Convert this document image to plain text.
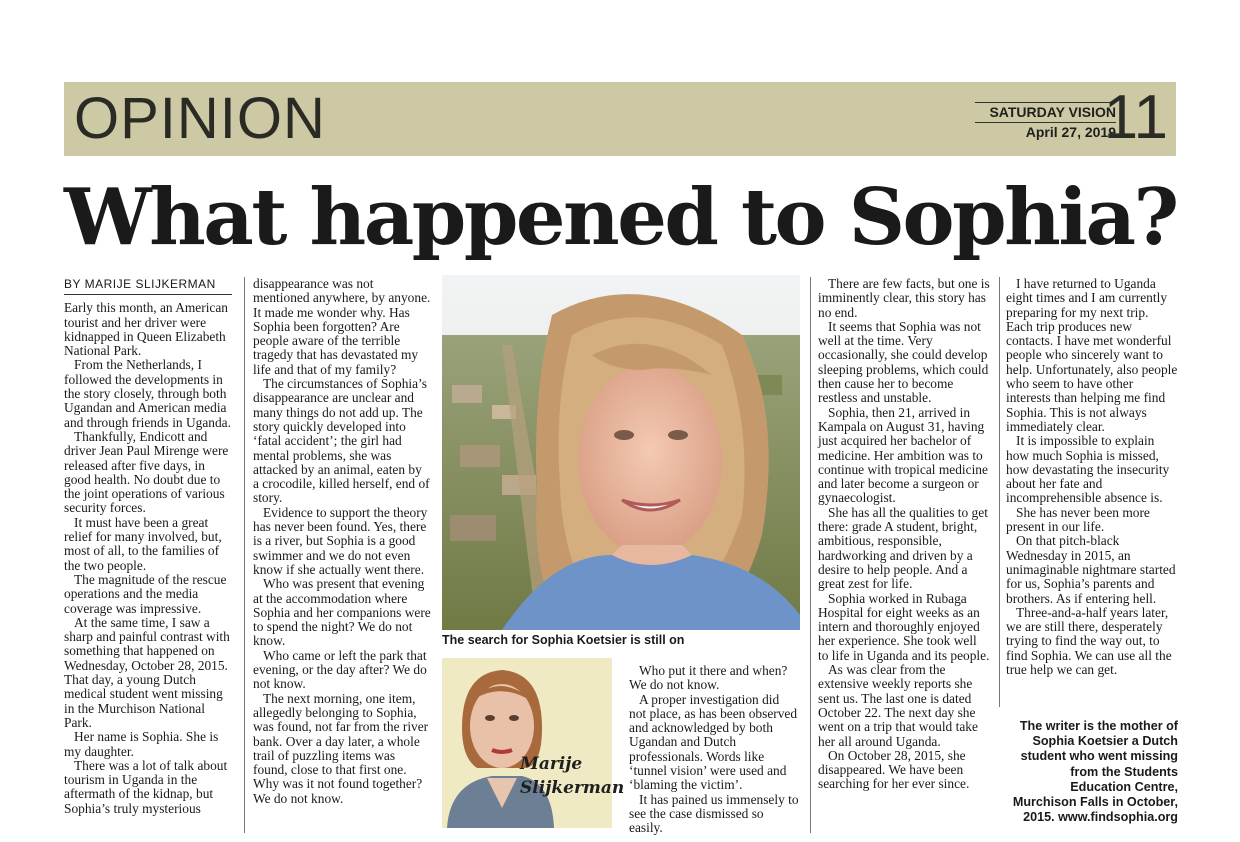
OPINION	SATURDAY VISION
April 27, 2019
11
What happened to Sophia?
BY MARIJE SLIJKERMAN

Early this month, an American tourist and her driver were kidnapped in Queen Elizabeth National Park.

From the Netherlands, I followed the developments in the story closely, through both Ugandan and American media and through friends in Uganda.

Thankfully, Endicott and driver Jean Paul Mirenge were released after five days, in good health. No doubt due to the joint operations of various security forces.

It must have been a great relief for many involved, but, most of all, to the families of the two people.

The magnitude of the rescue operations and the media coverage was impressive.

At the same time, I saw a sharp and painful contrast with something that happened on Wednesday, October 28, 2015. That day, a young Dutch medical student went missing in the Murchison National Park.

Her name is Sophia. She is my daughter.

There was a lot of talk about tourism in Uganda in the aftermath of the kidnap, but Sophia’s truly mysterious

disappearance was not mentioned anywhere, by anyone. It made me wonder why. Has Sophia been forgotten? Are people aware of the terrible tragedy that has devastated my life and that of my family?

The circumstances of Sophia’s disappearance are unclear and many things do not add up. The story quickly developed into ‘fatal accident’; the girl had mental problems, she was attacked by an animal, eaten by a crocodile, killed herself, end of story.

Evidence to support the theory has never been found. Yes, there is a river, but Sophia is a good swimmer and we do not even know if she actually went there.

Who was present that evening at the accommodation where Sophia and her companions were to spend the night? We do not know.

Who came or left the park that evening, or the day after? We do not know.

The next morning, one item, allegedly belonging to Sophia, was found, not far from the river bank. Over a day later, a whole trail of puzzling items was found, close to that first one. Why was it not found together? We do not know.

The search for Sophia Koetsier is still on
Marije Slijkerman

Who put it there and when? We do not know.

A proper investigation did not place, as has been observed and acknowledged by both Ugandan and Dutch professionals. Words like ‘tunnel vision’ were used and ‘blaming the victim’.

It has pained us immensely to see the case dismissed so easily.

There are few facts, but one is imminently clear, this story has no end.

It seems that Sophia was not well at the time. Very occasionally, she could develop sleeping problems, which could then cause her to become restless and unstable.

Sophia, then 21, arrived in Kampala on August 31, having just acquired her bachelor of medicine. Her ambition was to continue with tropical medicine and later become a surgeon or gynaecologist.

She has all the qualities to get there: grade A student, bright, ambitious, responsible, hardworking and driven by a desire to help people. And a great zest for life.

Sophia worked in Rubaga Hospital for eight weeks as an intern and thoroughly enjoyed her experience. She took well to life in Uganda and its people.

As was clear from the extensive weekly reports she sent us. The last one is dated October 22. The next day she went on a trip that would take her all around Uganda.

On October 28, 2015, she disappeared. We have been searching for her ever since.

I have returned to Uganda eight times and I am currently preparing for my next trip. Each trip produces new contacts. I have met wonderful people who sincerely want to help. Unfortunately, also people who seem to have other interests than helping me find Sophia. This is not always immediately clear.

It is impossible to explain how much Sophia is missed, how devastating the insecurity about her fate and incomprehensible absence is.

She has never been more present in our life.

On that pitch-black Wednesday in 2015, an unimaginable nightmare started for us, Sophia’s parents and brothers. As if entering hell.

Three-and-a-half years later, we are still there, desperately trying to find the way out, to find Sophia. We can use all the true help we can get.

The writer is the mother of Sophia Koetsier a Dutch student who went missing from the Students Education Centre, Murchison Falls in October, 2015. www.findsophia.org
